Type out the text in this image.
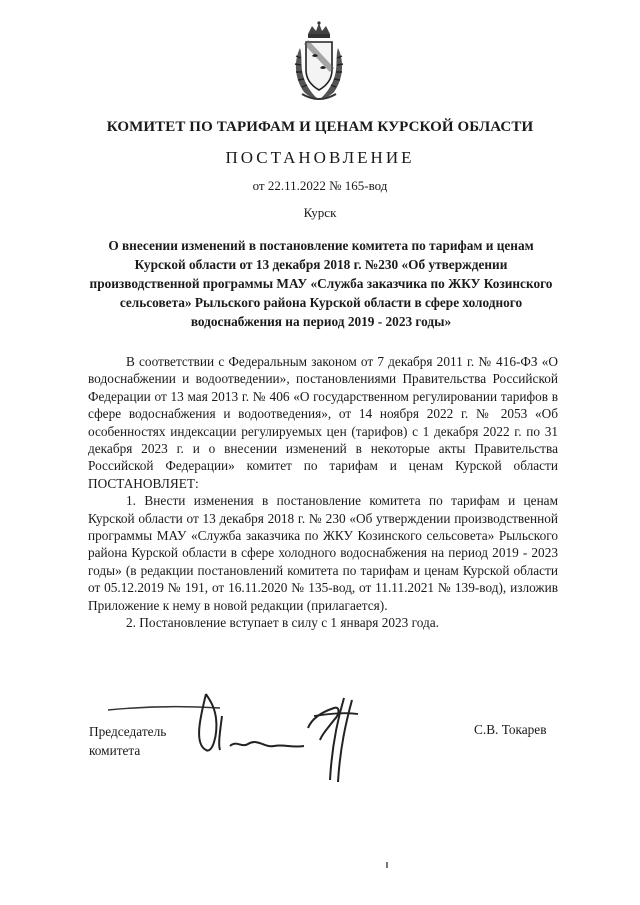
КОМИТЕТ ПО ТАРИФАМ И ЦЕНАМ КУРСКОЙ ОБЛАСТИ
ПОСТАНОВЛЕНИЕ
от 22.11.2022 № 165-вод
Курск
О внесении изменений в постановление комитета по тарифам и ценам Курской области от 13 декабря 2018 г. №230 «Об утверждении производственной программы МАУ «Служба заказчика по ЖКУ Козинского сельсовета» Рыльского района Курской области в сфере холодного водоснабжения на период 2019 - 2023 годы»

В соответствии с Федеральным законом от 7 декабря 2011 г. № 416-ФЗ «О водоснабжении и водоотведении», постановлениями Правительства Российской Федерации от 13 мая 2013 г. № 406 «О государственном регулировании тарифов в сфере водоснабжения и водоотведения», от 14 ноября 2022 г. № 2053 «Об особенностях индексации регулируемых цен (тарифов) с 1 декабря 2022 г. по 31 декабря 2023 г. и о внесении изменений в некоторые акты Правительства Российской Федерации» комитет по тарифам и ценам Курской области ПОСТАНОВЛЯЕТ:

1. Внести изменения в постановление комитета по тарифам и ценам Курской области от 13 декабря 2018 г. № 230 «Об утверждении производственной программы МАУ «Служба заказчика по ЖКУ Козинского сельсовета» Рыльского района Курской области в сфере холодного водоснабжения на период 2019 - 2023 годы» (в редакции постановлений комитета по тарифам и ценам Курской области от 05.12.2019 № 191, от 16.11.2020 № 135-вод, от 11.11.2021 № 139-вод), изложив Приложение к нему в новой редакции (прилагается).

2. Постановление вступает в силу с 1 января 2023 года.

Председатель
комитета
С.В. Токарев
